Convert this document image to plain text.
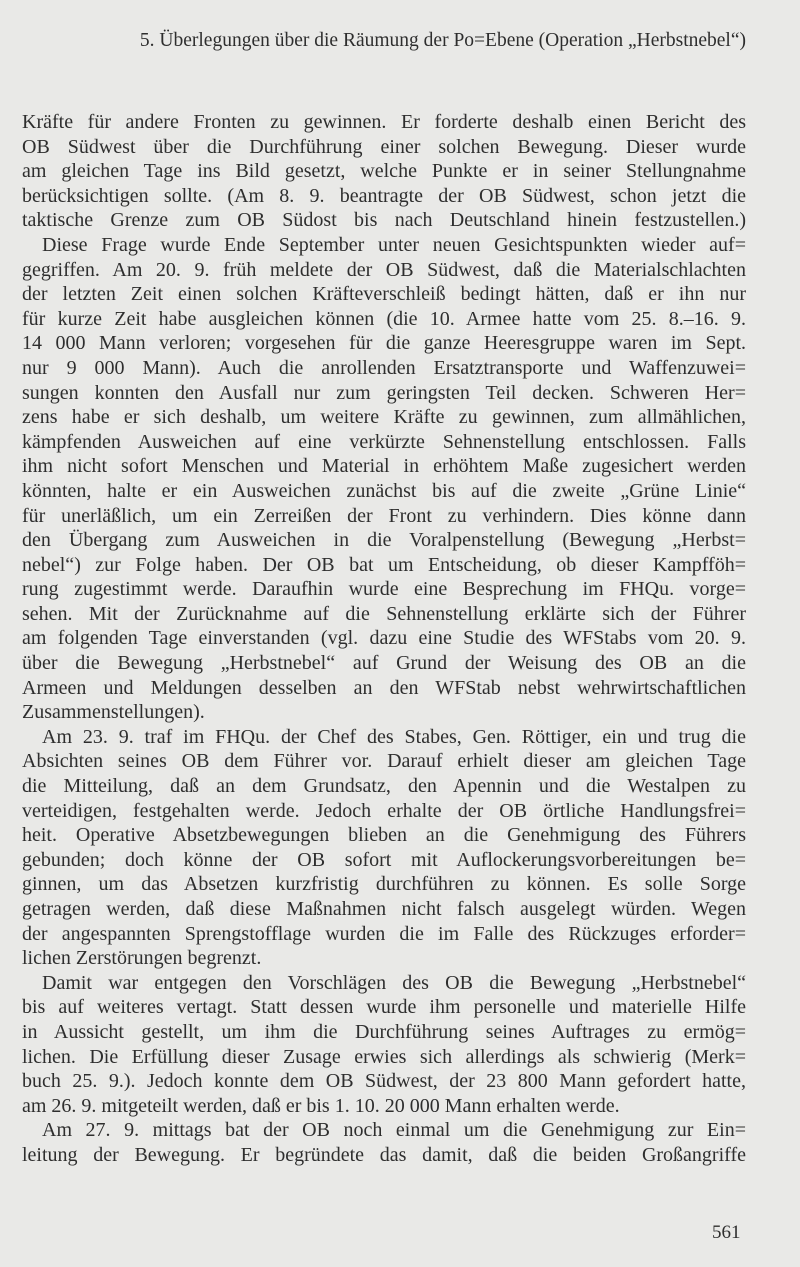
5. Überlegungen über die Räumung der Po=Ebene (Operation „Herbstnebel“)
Kräfte für andere Fronten zu gewinnen. Er forderte deshalb einen Bericht des
OB Südwest über die Durchführung einer solchen Bewegung. Dieser wurde
am gleichen Tage ins Bild gesetzt, welche Punkte er in seiner Stellungnahme
berücksichtigen sollte. (Am 8. 9. beantragte der OB Südwest, schon jetzt die
taktische Grenze zum OB Südost bis nach Deutschland hinein festzustellen.)
Diese Frage wurde Ende September unter neuen Gesichtspunkten wieder auf=
gegriffen. Am 20. 9. früh meldete der OB Südwest, daß die Materialschlachten
der letzten Zeit einen solchen Kräfteverschleiß bedingt hätten, daß er ihn nur
für kurze Zeit habe ausgleichen können (die 10. Armee hatte vom 25. 8.–16. 9.
14 000 Mann verloren; vorgesehen für die ganze Heeresgruppe waren im Sept.
nur 9 000 Mann). Auch die anrollenden Ersatztransporte und Waffenzuwei=
sungen konnten den Ausfall nur zum geringsten Teil decken. Schweren Her=
zens habe er sich deshalb, um weitere Kräfte zu gewinnen, zum allmählichen,
kämpfenden Ausweichen auf eine verkürzte Sehnenstellung entschlossen. Falls
ihm nicht sofort Menschen und Material in erhöhtem Maße zugesichert werden
könnten, halte er ein Ausweichen zunächst bis auf die zweite „Grüne Linie“
für unerläßlich, um ein Zerreißen der Front zu verhindern. Dies könne dann
den Übergang zum Ausweichen in die Voralpenstellung (Bewegung „Herbst=
nebel“) zur Folge haben. Der OB bat um Entscheidung, ob dieser Kampfföh=
rung zugestimmt werde. Daraufhin wurde eine Besprechung im FHQu. vorge=
sehen. Mit der Zurücknahme auf die Sehnenstellung erklärte sich der Führer
am folgenden Tage einverstanden (vgl. dazu eine Studie des WFStabs vom 20. 9.
über die Bewegung „Herbstnebel“ auf Grund der Weisung des OB an die
Armeen und Meldungen desselben an den WFStab nebst wehrwirtschaftlichen
Zusammenstellungen).
Am 23. 9. traf im FHQu. der Chef des Stabes, Gen. Röttiger, ein und trug die
Absichten seines OB dem Führer vor. Darauf erhielt dieser am gleichen Tage
die Mitteilung, daß an dem Grundsatz, den Apennin und die Westalpen zu
verteidigen, festgehalten werde. Jedoch erhalte der OB örtliche Handlungsfrei=
heit. Operative Absetzbewegungen blieben an die Genehmigung des Führers
gebunden; doch könne der OB sofort mit Auflockerungsvorbereitungen be=
ginnen, um das Absetzen kurzfristig durchführen zu können. Es solle Sorge
getragen werden, daß diese Maßnahmen nicht falsch ausgelegt würden. Wegen
der angespannten Sprengstofflage wurden die im Falle des Rückzuges erforder=
lichen Zerstörungen begrenzt.
Damit war entgegen den Vorschlägen des OB die Bewegung „Herbstnebel“
bis auf weiteres vertagt. Statt dessen wurde ihm personelle und materielle Hilfe
in Aussicht gestellt, um ihm die Durchführung seines Auftrages zu ermög=
lichen. Die Erfüllung dieser Zusage erwies sich allerdings als schwierig (Merk=
buch 25. 9.). Jedoch konnte dem OB Südwest, der 23 800 Mann gefordert hatte,
am 26. 9. mitgeteilt werden, daß er bis 1. 10. 20 000 Mann erhalten werde.
Am 27. 9. mittags bat der OB noch einmal um die Genehmigung zur Ein=
leitung der Bewegung. Er begründete das damit, daß die beiden Großangriffe
561
